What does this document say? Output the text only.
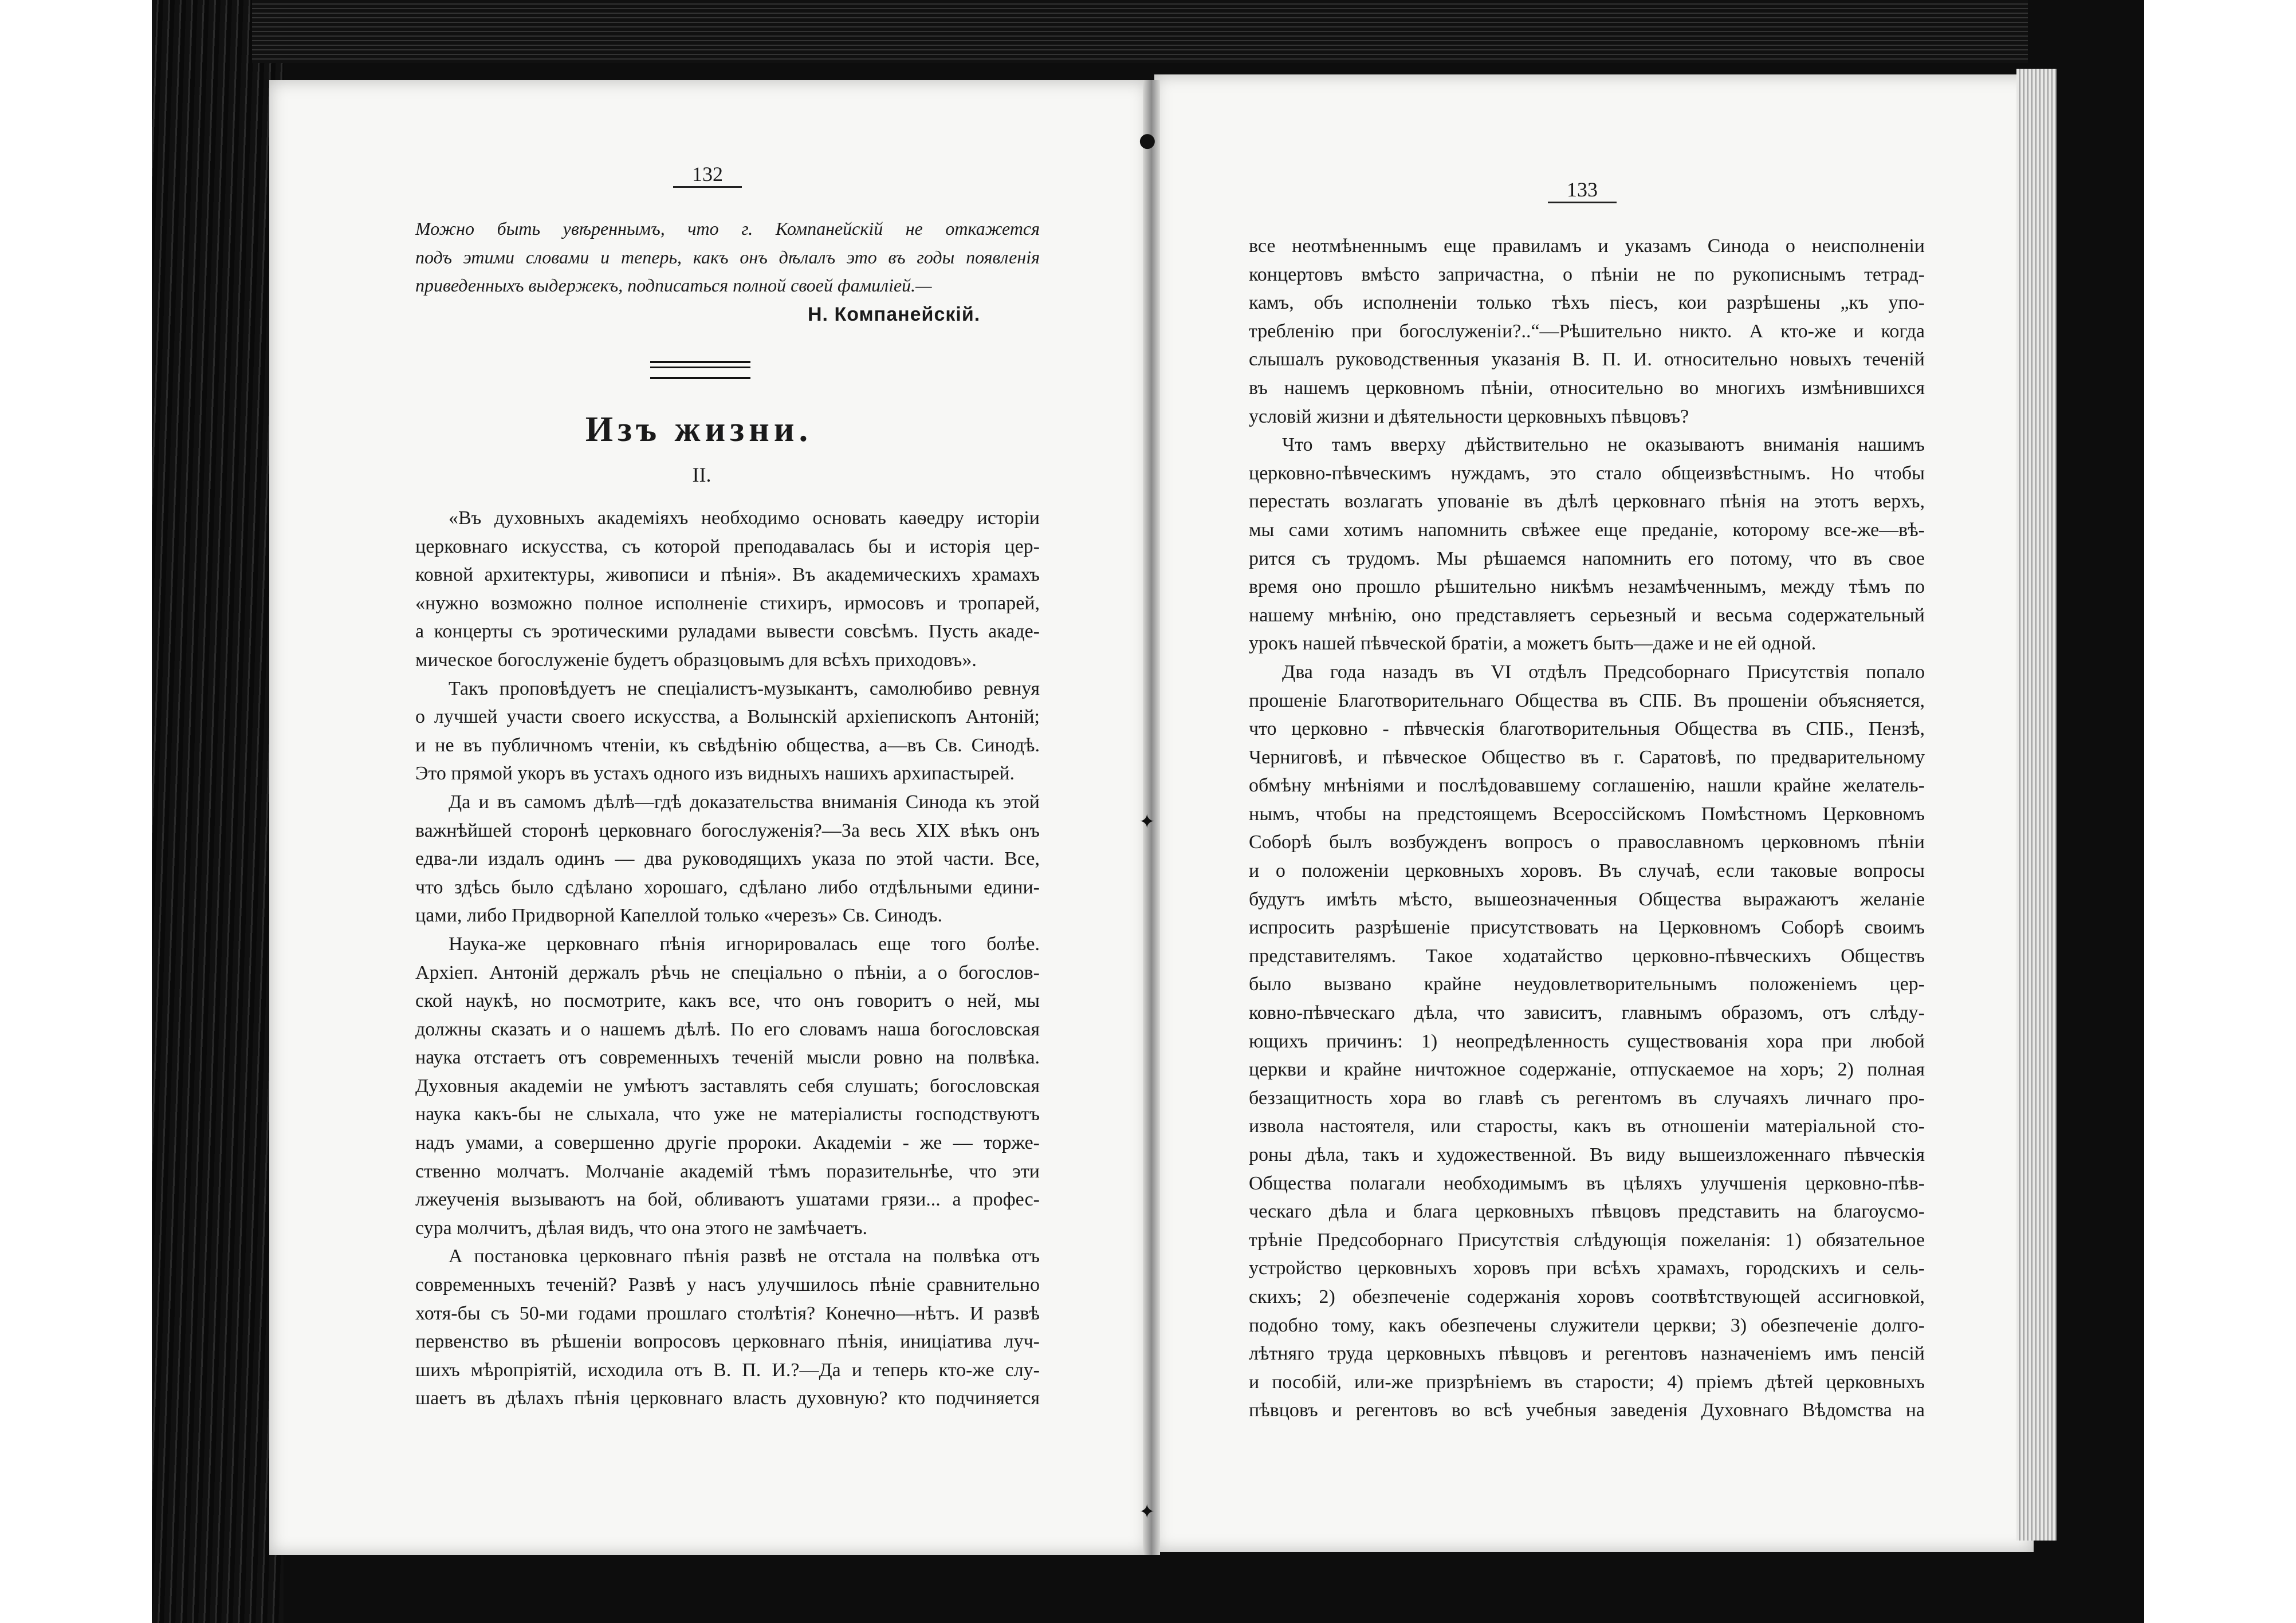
●
✦
✦
132
Можно быть увѣреннымъ, что г. Компанейскій не откажется
подъ этими словами и теперь, какъ онъ дѣлалъ это въ годы появленія
приведенныхъ выдержекъ, подписаться полной своей фамиліей.—
Н. Компанейскій.
Изъ жизни.
II.
«Въ духовныхъ академіяхъ необходимо основать каѳедру исторіи
церковнаго искусства, съ которой преподавалась бы и исторія цер-
ковной архитектуры, живописи и пѣнія». Въ академическихъ храмахъ
«нужно возможно полное исполненіе стихиръ, ирмосовъ и тропарей,
а концерты съ эротическими руладами вывести совсѣмъ. Пусть акаде-
мическое богослуженіе будетъ образцовымъ для всѣхъ приходовъ».
Такъ проповѣдуетъ не спеціалистъ-музыкантъ, самолюбиво ревнуя
о лучшей участи своего искусства, а Волынскій архіепископъ Антоній;
и не въ публичномъ чтеніи, къ свѣдѣнію общества, а—въ Св. Синодѣ.
Это прямой укоръ въ устахъ одного изъ видныхъ нашихъ архипастырей.
Да и въ самомъ дѣлѣ—гдѣ доказательства вниманія Синода къ этой
важнѣйшей сторонѣ церковнаго богослуженія?—За весь XIX вѣкъ онъ
едва-ли издалъ одинъ — два руководящихъ указа по этой части. Все,
что здѣсь было сдѣлано хорошаго, сдѣлано либо отдѣльными едини-
цами, либо Придворной Капеллой только «черезъ» Св. Синодъ.
Наука-же церковнаго пѣнія игнорировалась еще того болѣе.
Архіеп. Антоній держалъ рѣчь не спеціально о пѣніи, а о богослов-
ской наукѣ, но посмотрите, какъ все, что онъ говоритъ о ней, мы
должны сказать и о нашемъ дѣлѣ. По его словамъ наша богословская
наука отстаетъ отъ современныхъ теченій мысли ровно на полвѣка.
Духовныя академіи не умѣютъ заставлять себя слушать; богословская
наука какъ-бы не слыхала, что уже не матеріалисты господствуютъ
надъ умами, а совершенно другіе пророки. Академіи - же — торже-
ственно молчатъ. Молчаніе академій тѣмъ поразительнѣе, что эти
лжеученія вызываютъ на бой, обливаютъ ушатами грязи... а профес-
сура молчитъ, дѣлая видъ, что она этого не замѣчаетъ.
А постановка церковнаго пѣнія развѣ не отстала на полвѣка отъ
современныхъ теченій? Развѣ у насъ улучшилось пѣніе сравнительно
хотя-бы съ 50-ми годами прошлаго столѣтія? Конечно—нѣтъ. И развѣ
первенство въ рѣшеніи вопросовъ церковнаго пѣнія, иниціатива луч-
шихъ мѣропріятій, исходила отъ В. П. И.?—Да и теперь кто-же слу-
шаетъ въ дѣлахъ пѣнія церковнаго власть духовную? кто подчиняется
133
все неотмѣненнымъ еще правиламъ и указамъ Синода о неисполненіи
концертовъ вмѣсто запричастна, о пѣніи не по рукописнымъ тетрад-
камъ, объ исполненіи только тѣхъ піесъ, кои разрѣшены „къ упо-
требленію при богослуженіи?..“—Рѣшительно никто. А кто-же и когда
слышалъ руководственныя указанія В. П. И. относительно новыхъ теченій
въ нашемъ церковномъ пѣніи, относительно во многихъ измѣнившихся
условій жизни и дѣятельности церковныхъ пѣвцовъ?
Что тамъ вверху дѣйствительно не оказываютъ вниманія нашимъ
церковно-пѣвческимъ нуждамъ, это стало общеизвѣстнымъ. Но чтобы
перестать возлагать упованіе въ дѣлѣ церковнаго пѣнія на этотъ верхъ,
мы сами хотимъ напомнить свѣжее еще преданіе, которому все-же—вѣ-
рится съ трудомъ. Мы рѣшаемся напомнить его потому, что въ свое
время оно прошло рѣшительно никѣмъ незамѣченнымъ, между тѣмъ по
нашему мнѣнію, оно представляетъ серьезный и весьма содержательный
урокъ нашей пѣвческой братіи, а можетъ быть—даже и не ей одной.
Два года назадъ въ VI отдѣлъ Предсоборнаго Присутствія попало
прошеніе Благотворительнаго Общества въ СПБ. Въ прошеніи объясняется,
что церковно - пѣвческія благотворительныя Общества въ СПБ., Пензѣ,
Черниговѣ, и пѣвческое Общество въ г. Саратовѣ, по предварительному
обмѣну мнѣніями и послѣдовавшему соглашенію, нашли крайне желатель-
нымъ, чтобы на предстоящемъ Всероссійскомъ Помѣстномъ Церковномъ
Соборѣ былъ возбужденъ вопросъ о православномъ церковномъ пѣніи
и о положеніи церковныхъ хоровъ. Въ случаѣ, если таковые вопросы
будутъ имѣть мѣсто, вышеозначенныя Общества выражаютъ желаніе
испросить разрѣшеніе присутствовать на Церковномъ Соборѣ своимъ
представителямъ. Такое ходатайство церковно-пѣвческихъ Обществъ
было вызвано крайне неудовлетворительнымъ положеніемъ цер-
ковно-пѣвческаго дѣла, что зависитъ, главнымъ образомъ, отъ слѣду-
ющихъ причинъ: 1) неопредѣленность существованія хора при любой
церкви и крайне ничтожное содержаніе, отпускаемое на хоръ; 2) полная
беззащитность хора во главѣ съ регентомъ въ случаяхъ личнаго про-
извола настоятеля, или старосты, какъ въ отношеніи матеріальной сто-
роны дѣла, такъ и художественной. Въ виду вышеизложеннаго пѣвческія
Общества полагали необходимымъ въ цѣляхъ улучшенія церковно-пѣв-
ческаго дѣла и блага церковныхъ пѣвцовъ представить на благоусмо-
трѣніе Предсоборнаго Присутствія слѣдующія пожеланія: 1) обязательное
устройство церковныхъ хоровъ при всѣхъ храмахъ, городскихъ и сель-
скихъ; 2) обезпеченіе содержанія хоровъ соотвѣтствующей ассигновкой,
подобно тому, какъ обезпечены служители церкви; 3) обезпеченіе долго-
лѣтняго труда церковныхъ пѣвцовъ и регентовъ назначеніемъ имъ пенсій
и пособій, или-же призрѣніемъ въ старости; 4) пріемъ дѣтей церковныхъ
пѣвцовъ и регентовъ во всѣ учебныя заведенія Духовнаго Вѣдомства на
